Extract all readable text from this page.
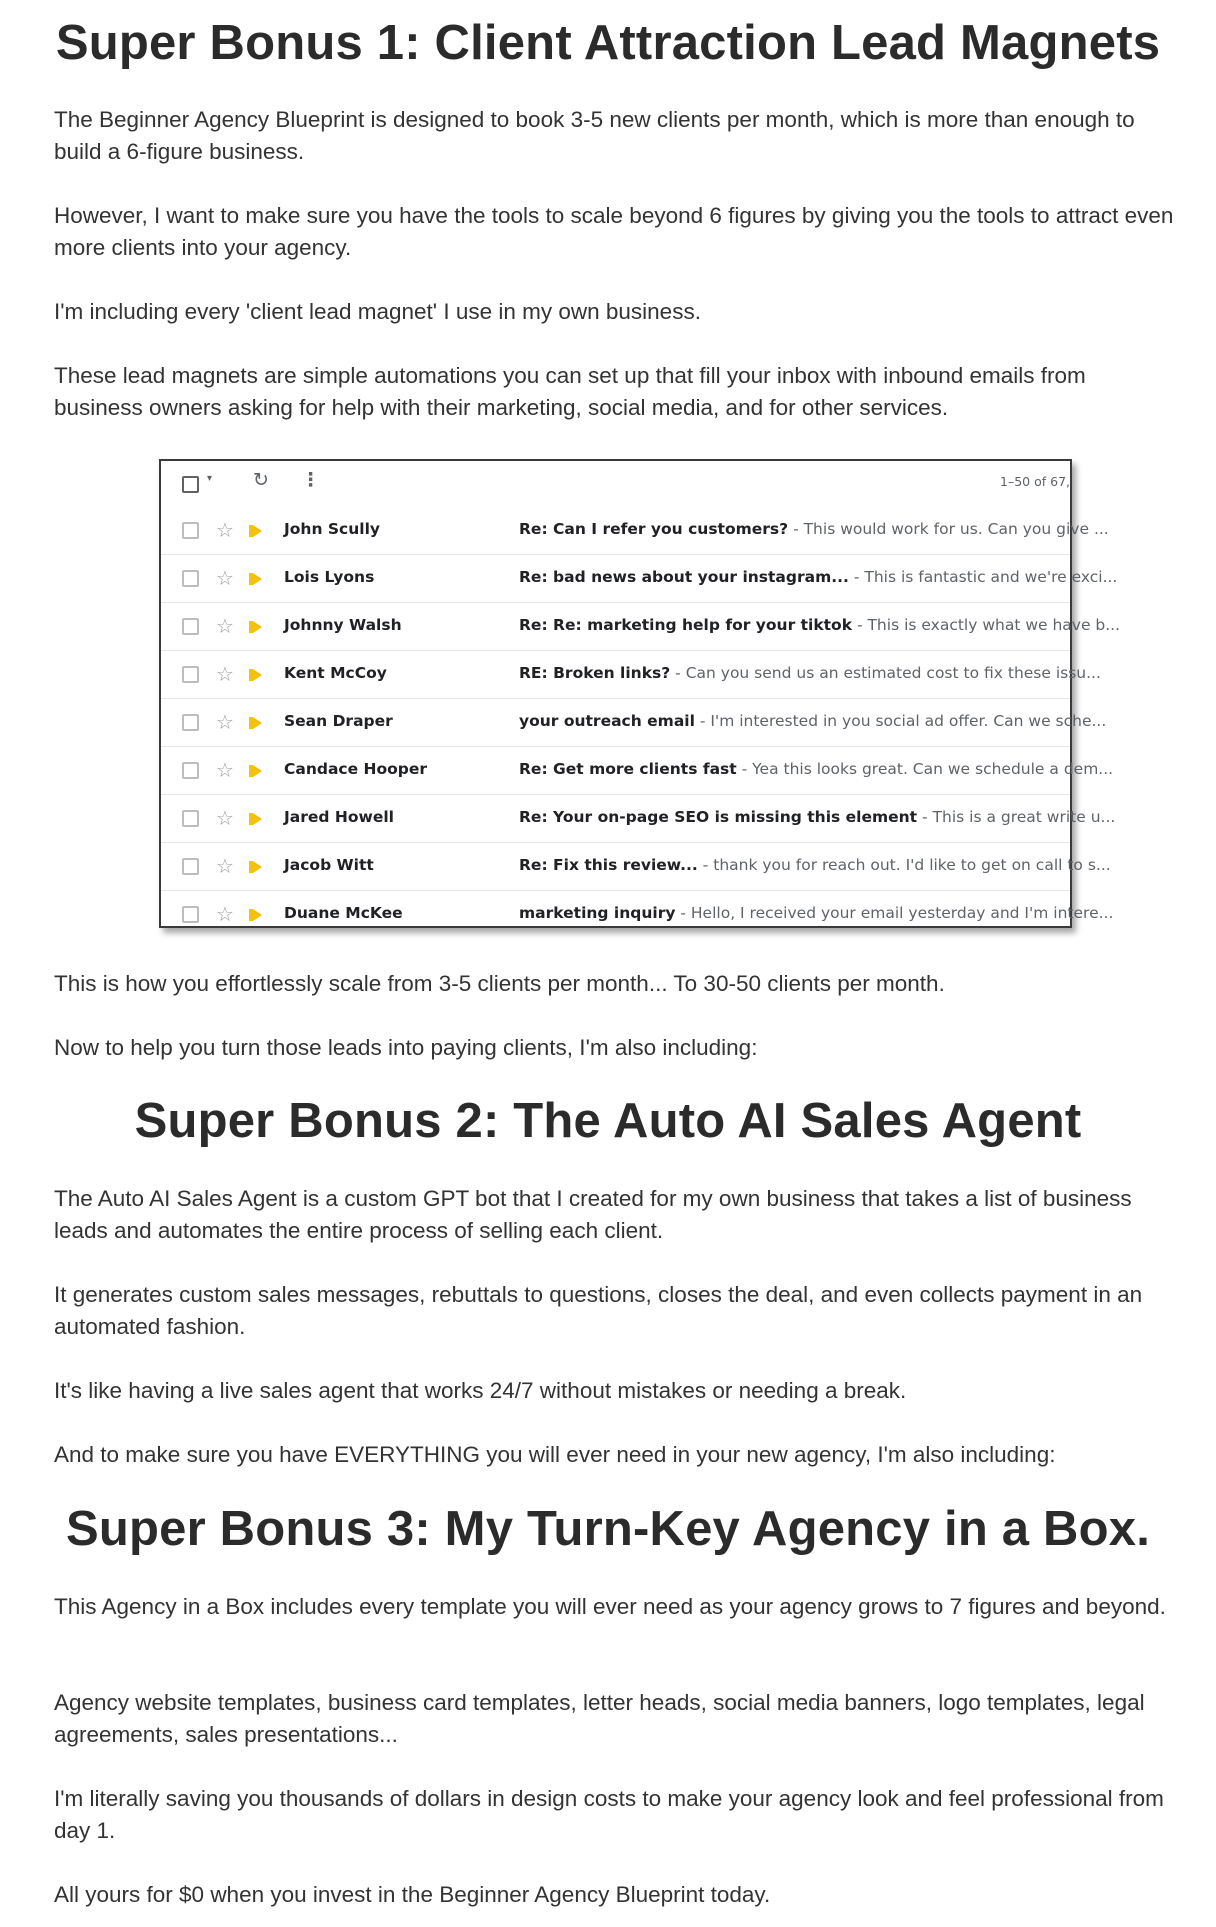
Super Bonus 1: Client Attraction Lead Magnets

The Beginner Agency Blueprint is designed to book 3-5 new clients per month, which is more than enough to build a 6-figure business.

However, I want to make sure you have the tools to scale beyond 6 figures by giving you the tools to attract even more clients into your agency.

I'm including every 'client lead magnet' I use in my own business.

These lead magnets are simple automations you can set up that fill your inbox with inbound emails from business owners asking for help with their marketing, social media, and for other services.

▾ ↻ ⋮	1–50 of 67,
☆	John Scully	Re: Can I refer you customers? - This would work for us. Can you give ...
☆	Lois Lyons	Re: bad news about your instagram... - This is fantastic and we're exci...
☆	Johnny Walsh	Re: Re: marketing help for your tiktok - This is exactly what we have b...
☆	Kent McCoy	RE: Broken links? - Can you send us an estimated cost to fix these issu...
☆	Sean Draper	your outreach email - I'm interested in you social ad offer. Can we sche...
☆	Candace Hooper	Re: Get more clients fast - Yea this looks great. Can we schedule a dem...
☆	Jared Howell	Re: Your on-page SEO is missing this element - This is a great write u...
☆	Jacob Witt	Re: Fix this review... - thank you for reach out. I'd like to get on call to s...
☆	Duane McKee	marketing inquiry - Hello, I received your email yesterday and I'm intere...

This is how you effortlessly scale from 3-5 clients per month... To 30-50 clients per month.

Now to help you turn those leads into paying clients, I'm also including:

Super Bonus 2: The Auto AI Sales Agent

The Auto AI Sales Agent is a custom GPT bot that I created for my own business that takes a list of business leads and automates the entire process of selling each client.

It generates custom sales messages, rebuttals to questions, closes the deal, and even collects payment in an automated fashion.

It's like having a live sales agent that works 24/7 without mistakes or needing a break.

And to make sure you have EVERYTHING you will ever need in your new agency, I'm also including:

Super Bonus 3: My Turn-Key Agency in a Box.

This Agency in a Box includes every template you will ever need as your agency grows to 7 figures and beyond.

Agency website templates, business card templates, letter heads, social media banners, logo templates, legal agreements, sales presentations...

I'm literally saving you thousands of dollars in design costs to make your agency look and feel professional from day 1.

All yours for $0 when you invest in the Beginner Agency Blueprint today.
